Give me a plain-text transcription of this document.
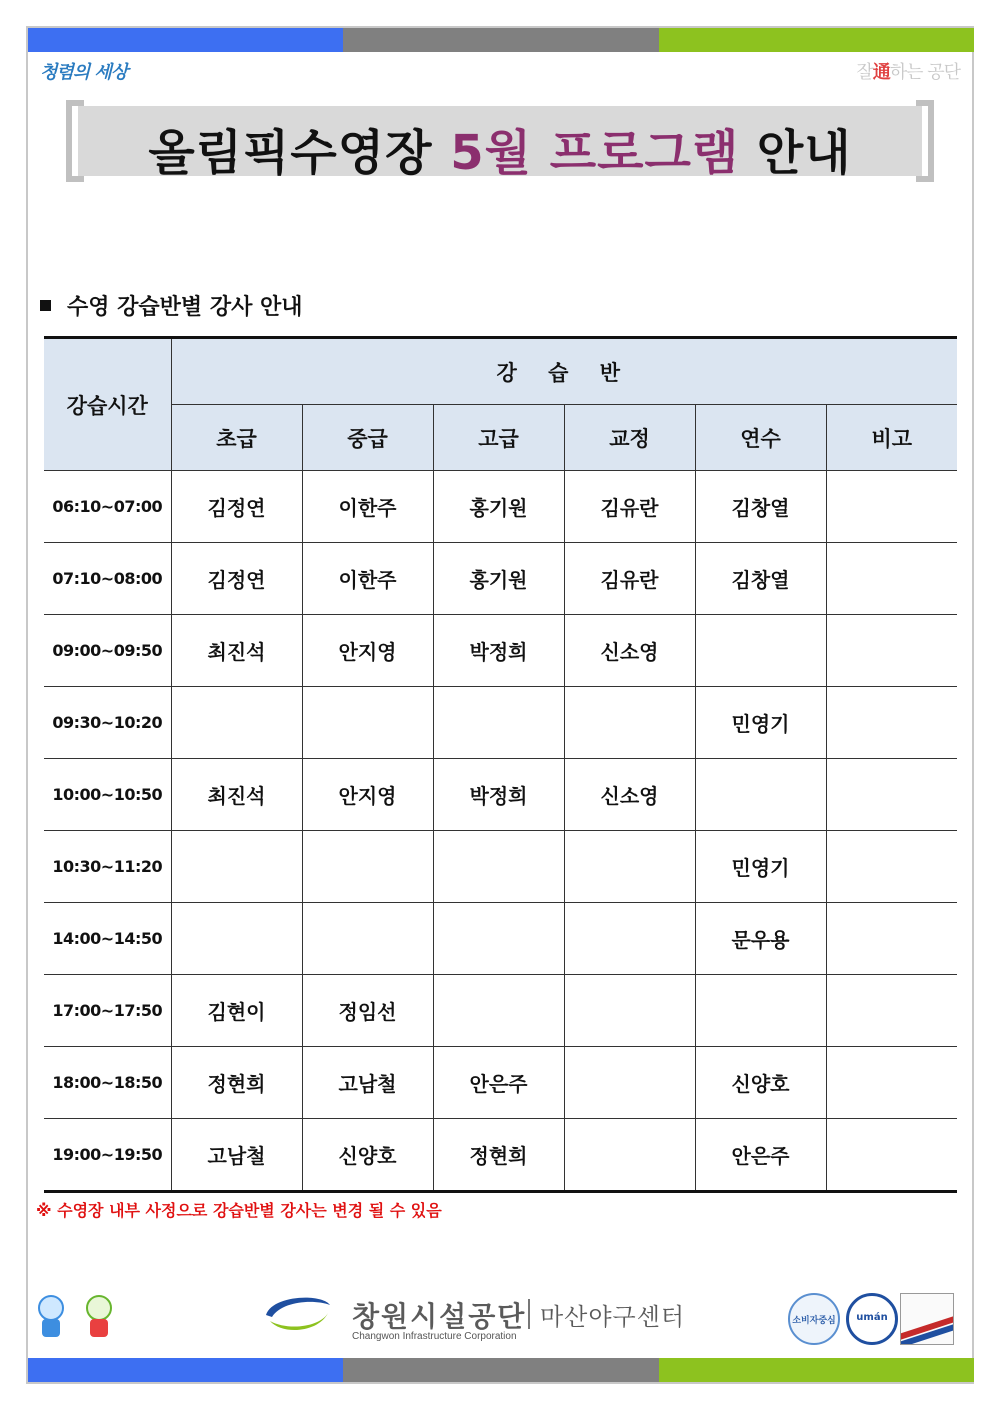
청렴의 세상	잘通하는 공단
올림픽수영장 5월 프로그램 안내
수영 강습반별 강사 안내
강습시간	강 습 반					
	초급	중급	고급	교정	연수	비고
06:10~07:00	김정연	이한주	홍기원	김유란	김창열	
07:10~08:00	김정연	이한주	홍기원	김유란	김창열	
09:00~09:50	최진석	안지영	박정희	신소영		
09:30~10:20					민영기	
10:00~10:50	최진석	안지영	박정희	신소영		
10:30~11:20					민영기	
14:00~14:50					문우용	
17:00~17:50	김현이	정임선				
18:00~18:50	정현희	고남철	안은주		신양호	
19:00~19:50	고남철	신양호	정현희		안은주	
※ 수영장 내부 사정으로 강습반별 강사는 변경 될 수 있음
창원시설공단 마산야구센터
Changwon Infrastructure Corporation
소비자중심	umán
